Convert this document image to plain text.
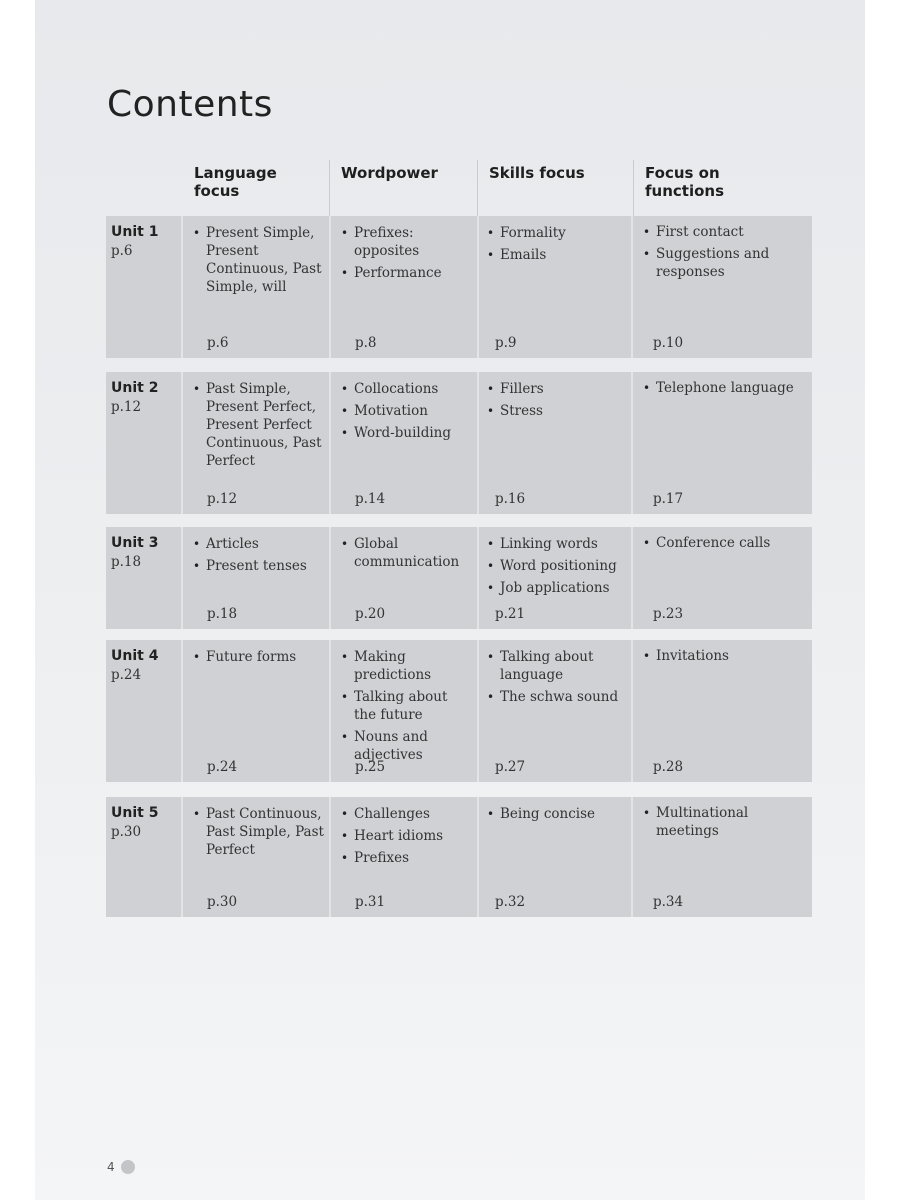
Contents
Language focus
Wordpower	Skills focus	Focus on functions
Unit 1
p.6
• Present Simple, Present Continuous, Past Simple, will
p.6
• Prefixes: opposites
• Performance
p.8
• Formality
• Emails
p.9
• First contact
• Suggestions and responses
p.10
Unit 2
p.12
• Past Simple, Present Perfect, Present Perfect Continuous, Past Perfect
p.12
• Collocations
• Motivation
• Word-building
p.14
• Fillers
• Stress
p.16
• Telephone language
p.17
Unit 3
p.18
• Articles
• Present tenses
p.18
• Global communication
p.20
• Linking words
• Word positioning
• Job applications
p.21
• Conference calls
p.23
Unit 4
p.24
• Future forms
p.24
• Making predictions
• Talking about the future
• Nouns and adjectives
p.25
• Talking about language
• The schwa sound
p.27
• Invitations
p.28
Unit 5
p.30
• Past Continuous, Past Simple, Past Perfect
p.30
• Challenges
• Heart idioms
• Prefixes
p.31
• Being concise
p.32
• Multinational meetings
p.34
4
